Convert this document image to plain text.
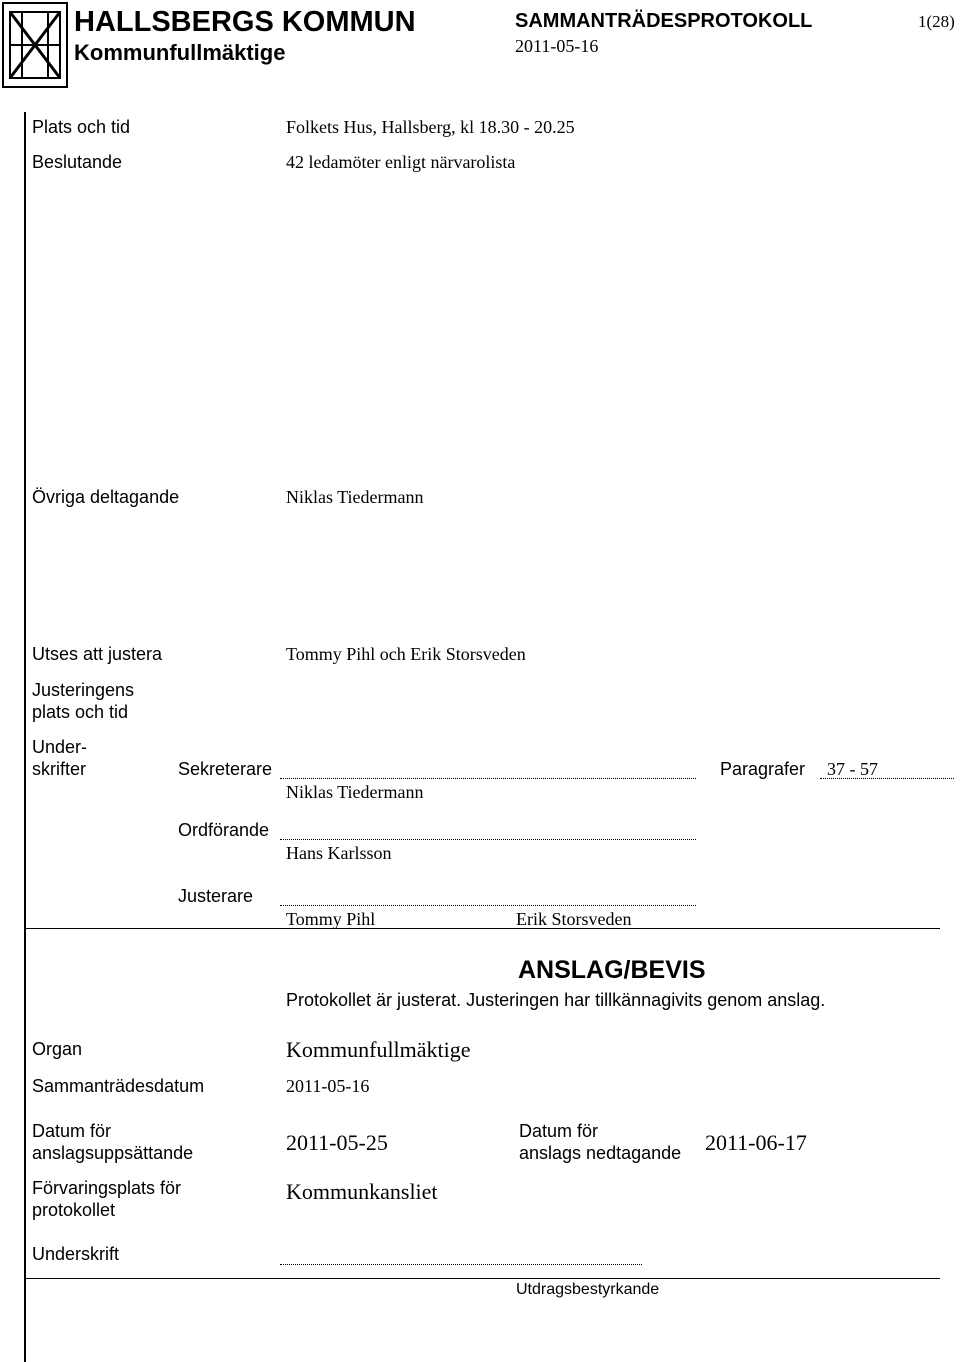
HALLSBERGS KOMMUN
Kommunfullmäktige
SAMMANTRÄDESPROTOKOLL
2011-05-16
1(28)
Plats och tid	Folkets Hus, Hallsberg, kl 18.30 - 20.25
Beslutande	42 ledamöter enligt närvarolista
Övriga deltagande	Niklas Tiedermann
Utses att justera	Tommy Pihl och Erik Storsveden
Justeringens
plats och tid
Under-
skrifter	Sekreterare
Niklas Tiedermann
Paragrafer 37 - 57
Ordförande
Hans Karlsson
Justerare
Tommy Pihl	Erik Storsveden
ANSLAG/BEVIS
Protokollet är justerat. Justeringen har tillkännagivits genom anslag.
Organ	Kommunfullmäktige
Sammanträdesdatum	2011-05-16
Datum för
anslagsuppsättande	2011-05-25	Datum för
anslags nedtagande 2011-06-17
Förvaringsplats för
protokollet
Kommunkansliet
Underskrift
Utdragsbestyrkande
